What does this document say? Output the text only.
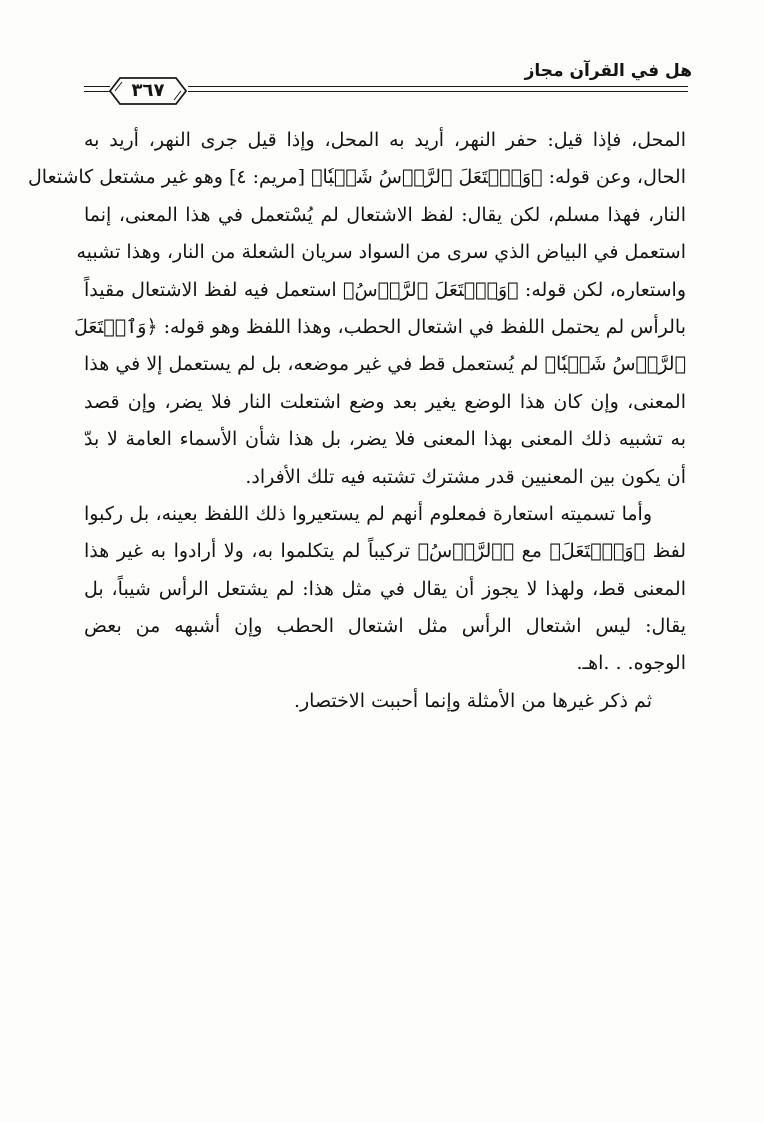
هل في القرآن مجاز
٣٦٧
المحل، فإذا قيل: حفر النهر، أريد به المحل، وإذا قيل جرى النهر، أريد به
الحال، وعن قوله: ﴿وَٱشۡتَعَلَ ٱلرَّأۡسُ شَيۡبٗا﴾ [مريم: ٤] وهو غير مشتعل كاشتعال
النار، فهذا مسلم، لكن يقال: لفظ الاشتعال لم يُسْتعمل في هذا المعنى، إنما
استعمل في البياض الذي سرى من السواد سريان الشعلة من النار، وهذا تشبيه
واستعاره، لكن قوله: ﴿وَٱشۡتَعَلَ ٱلرَّأۡسُ﴾ استعمل فيه لفظ الاشتعال مقيداً
بالرأس لم يحتمل اللفظ في اشتعال الحطب، وهذا اللفظ وهو قوله: ﴿وَٱشۡتَعَلَ
ٱلرَّأۡسُ شَيۡبٗا﴾ لم يُستعمل قط في غير موضعه، بل لم يستعمل إلا في هذا
المعنى، وإن كان هذا الوضع يغير بعد وضع اشتعلت النار فلا يضر، وإن قصد
به تشبيه ذلك المعنى بهذا المعنى فلا يضر، بل هذا شأن الأسماء العامة لا بدّ
أن يكون بين المعنيين قدر مشترك تشتبه فيه تلك الأفراد.
وأما تسميته استعارة فمعلوم أنهم لم يستعيروا ذلك اللفظ بعينه، بل ركبوا
لفظ ﴿وَٱشۡتَعَلَ﴾ مع ﴿ٱلرَّأۡسُ﴾ تركيباً لم يتكلموا به، ولا أرادوا به غير هذا
المعنى قط، ولهذا لا يجوز أن يقال في مثل هذا: لم يشتعل الرأس شيباً، بل
يقال: ليس اشتعال الرأس مثل اشتعال الحطب وإن أشبهه من بعض
الوجوه. . .اهـ.
ثم ذكر غيرها من الأمثلة وإنما أحببت الاختصار.
